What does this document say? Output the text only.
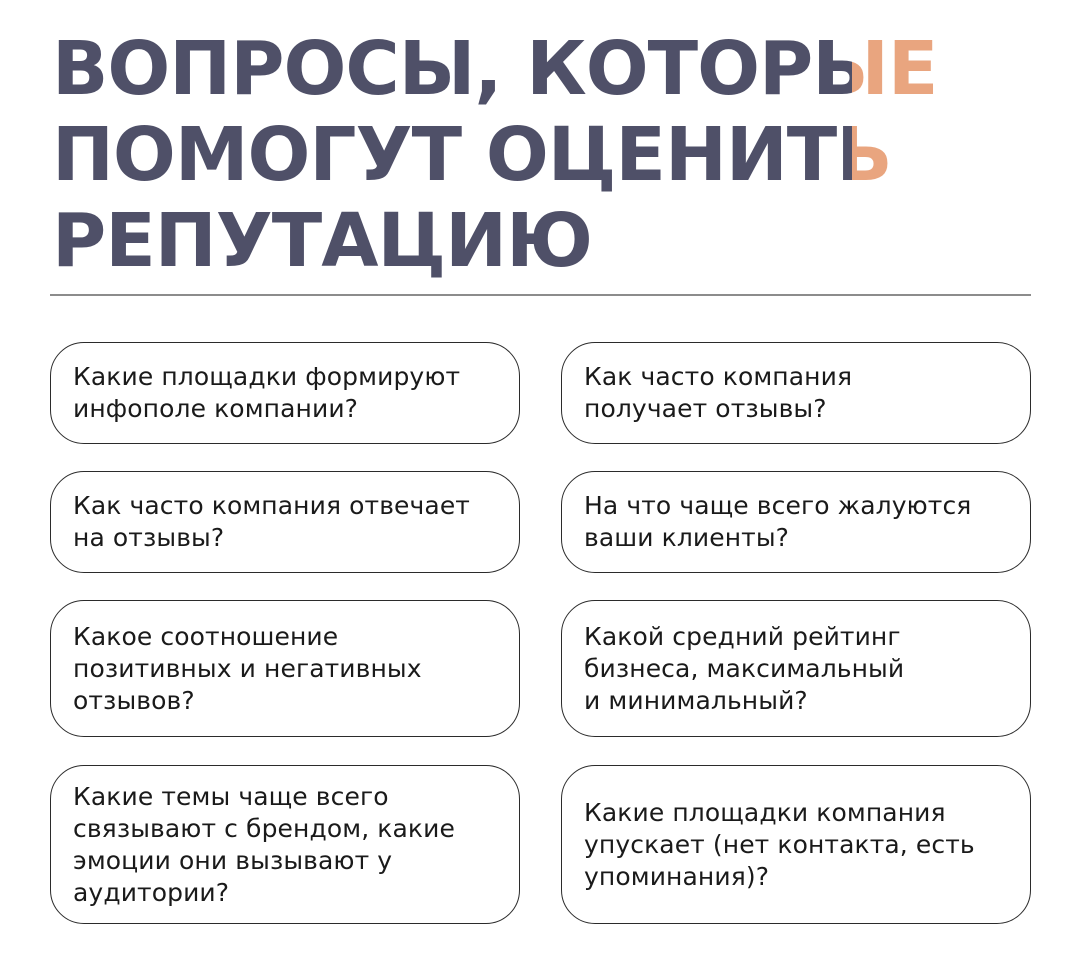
ВОПРОСЫ, КОТОРЫЕ
ПОМОГУТ ОЦЕНИТЬ
РЕПУТАЦИЮ
Какие площадки формируют
инфополе компании?
Как часто компания
получает отзывы?
Как часто компания отвечает
на отзывы?
На что чаще всего жалуются
ваши клиенты?
Какое соотношение
позитивных и негативных
отзывов?
Какой средний рейтинг
бизнеса, максимальный
и минимальный?
Какие темы чаще всего
связывают с брендом, какие
эмоции они вызывают у
аудитории?
Какие площадки компания
упускает (нет контакта, есть
упоминания)?
